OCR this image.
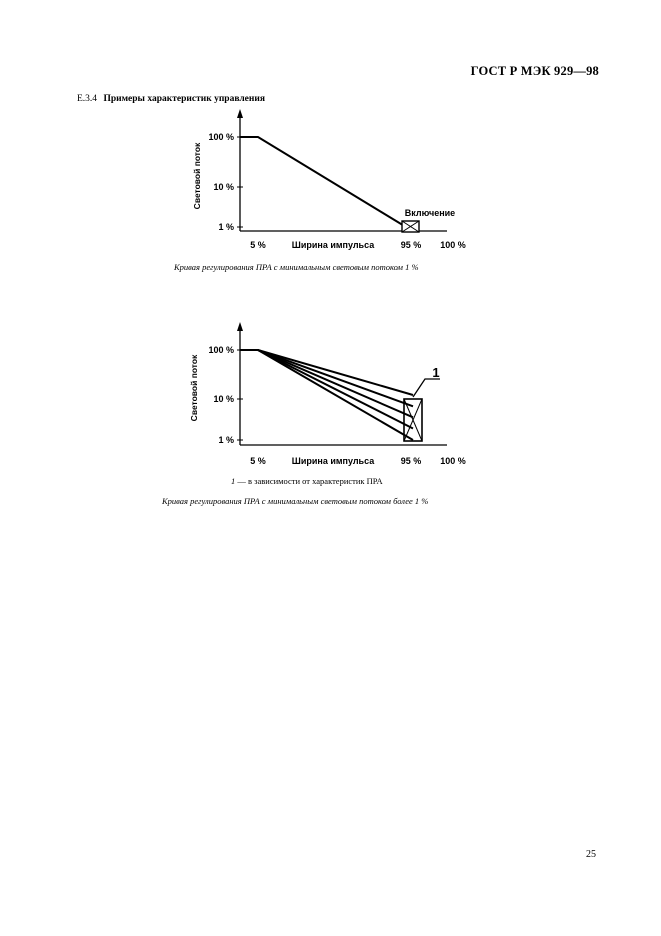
ГОСТ Р МЭК 929—98
Е.3.4 Примеры характеристик управления
100 %
10 %
1 %
Световой поток
5 %	Ширина импульса	95 % 100 %
Включение
Кривая регулирования ПРА с минимальным световым потоком 1 %
100 %
10 %
1 %
Световой поток
5 %	Ширина импульса	95 % 100 %
1
1 — в зависимости от характеристик ПРА
Кривая регулирования ПРА с минимальным световым потоком более 1 %
25
